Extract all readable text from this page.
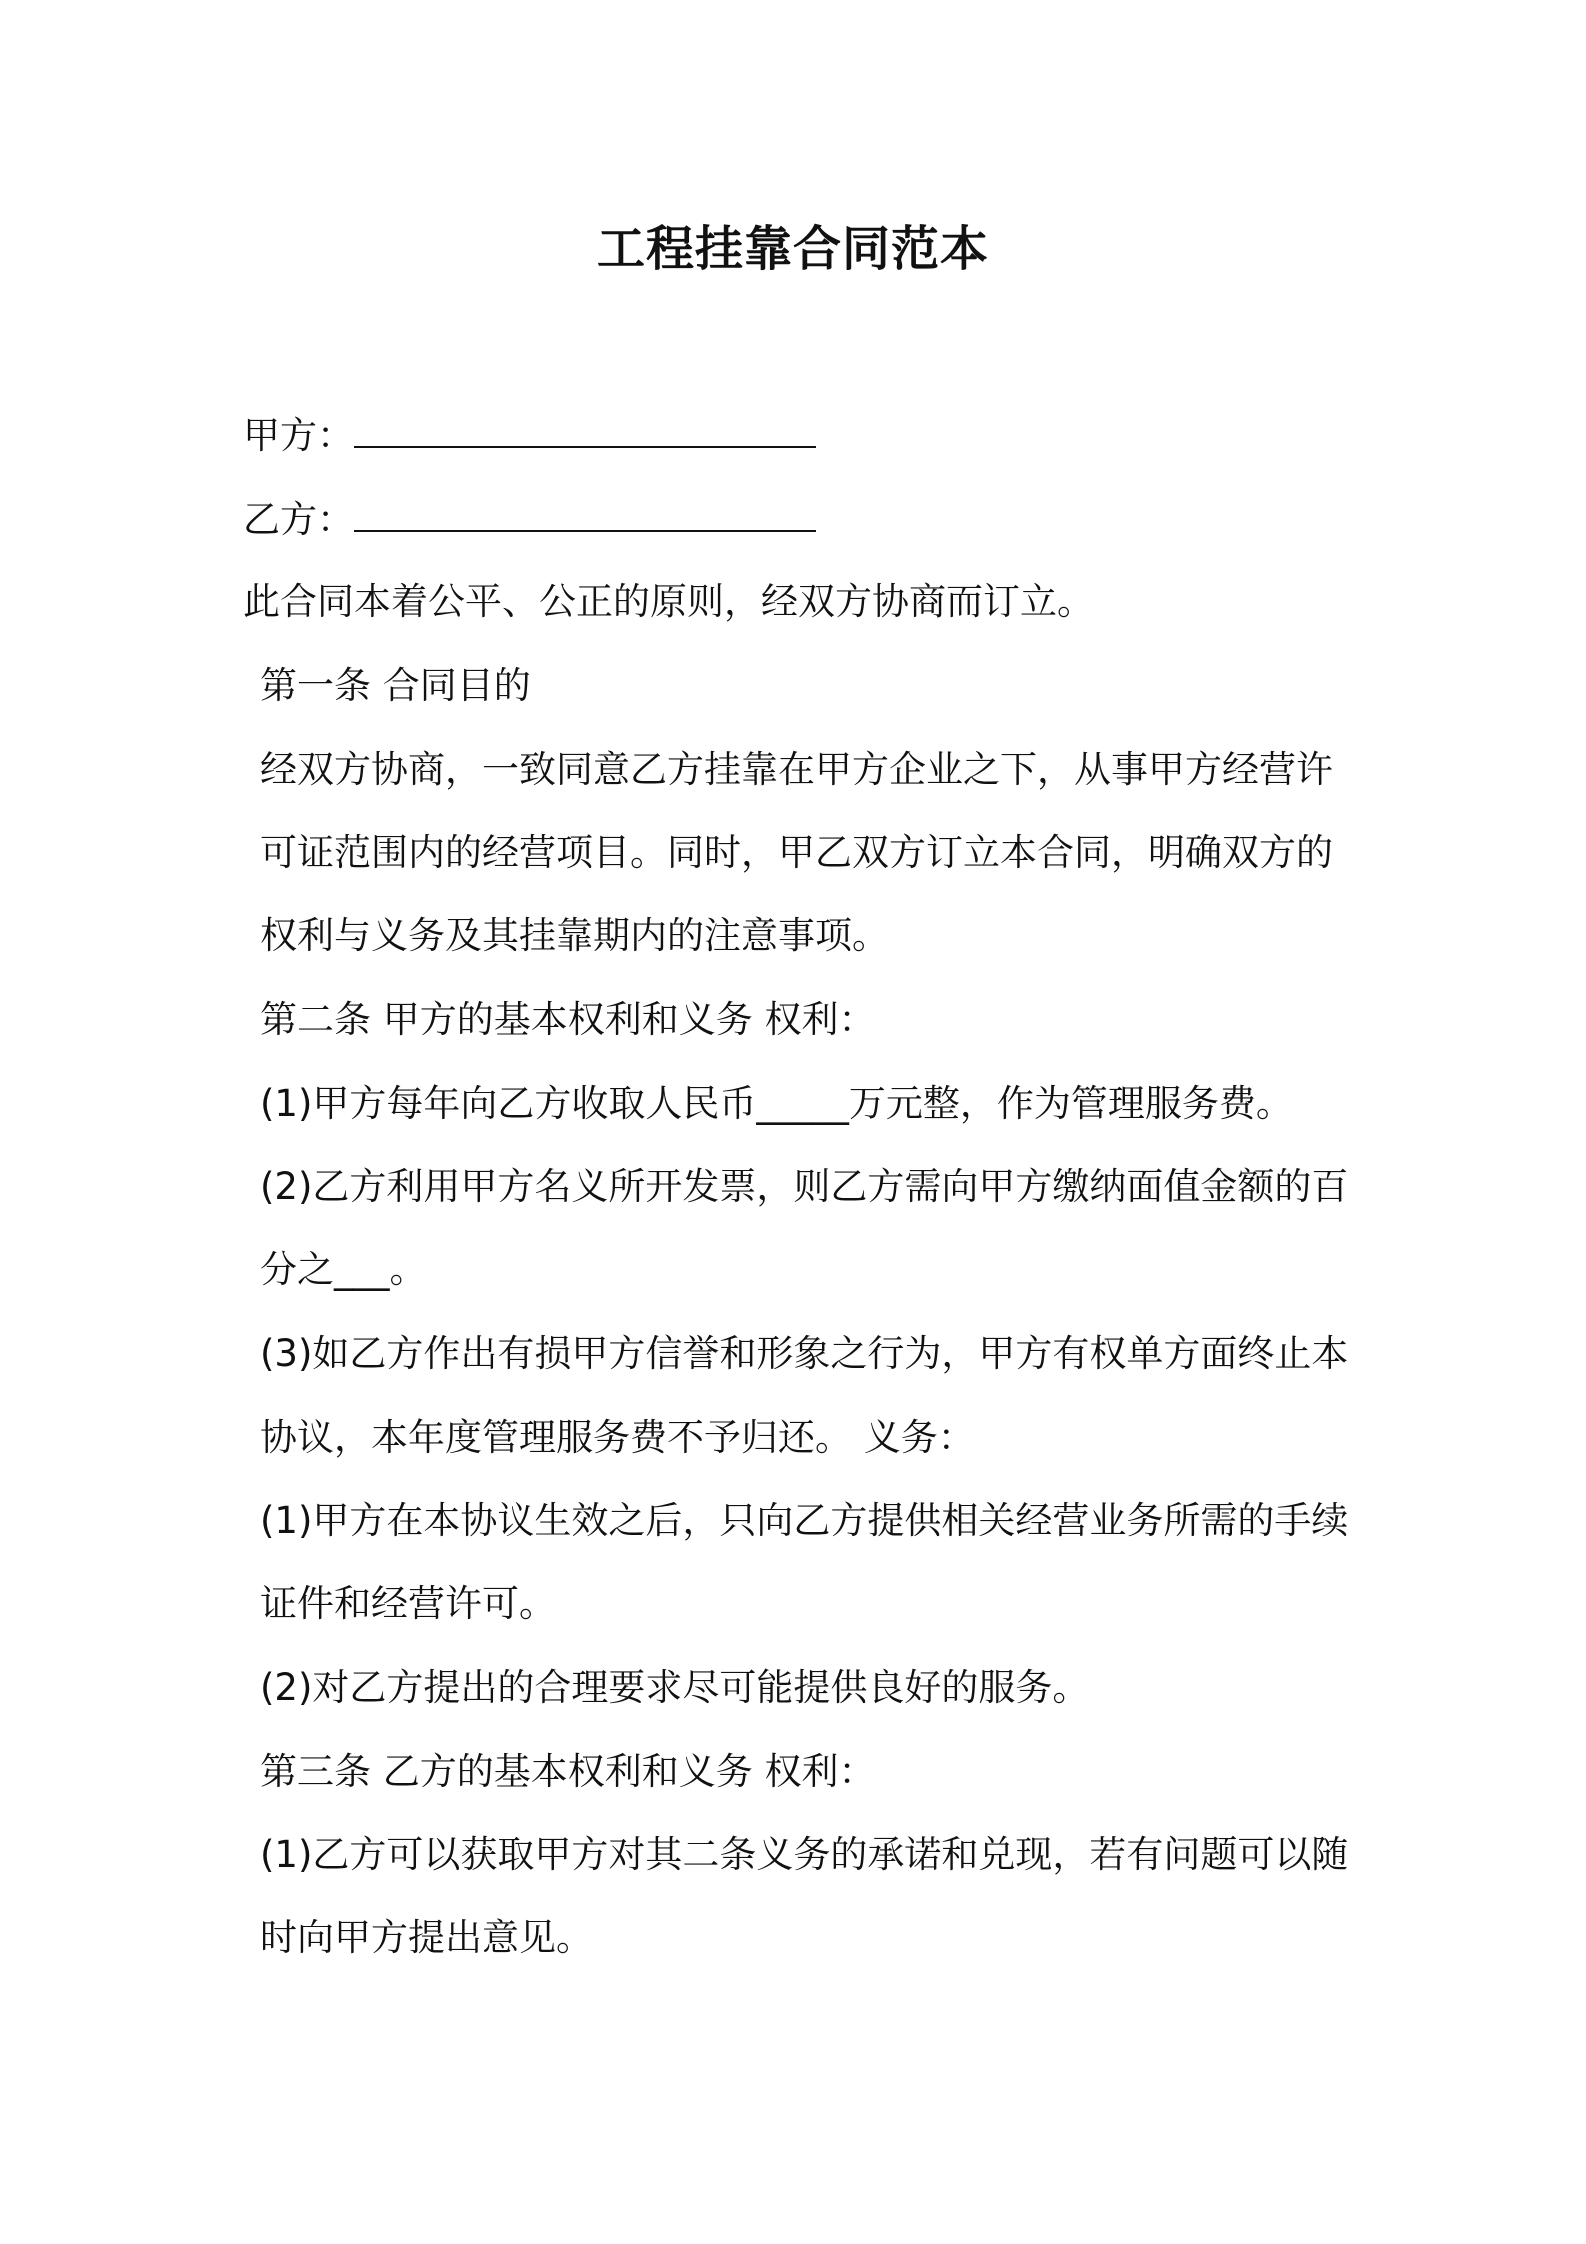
工程挂靠合同范本
甲方：
乙方：
此合同本着公平、公正的原则，经双方协商而订立。
第一条 合同目的
经双方协商，一致同意乙方挂靠在甲方企业之下，从事甲方经营许
可证范围内的经营项目。同时，甲乙双方订立本合同，明确双方的
权利与义务及其挂靠期内的注意事项。
第二条 甲方的基本权利和义务 权利：
(1)甲方每年向乙方收取人民币_____万元整，作为管理服务费。
(2)乙方利用甲方名义所开发票，则乙方需向甲方缴纳面值金额的百
分之___。
(3)如乙方作出有损甲方信誉和形象之行为，甲方有权单方面终止本
协议，本年度管理服务费不予归还。 义务：
(1)甲方在本协议生效之后，只向乙方提供相关经营业务所需的手续
证件和经营许可。
(2)对乙方提出的合理要求尽可能提供良好的服务。
第三条 乙方的基本权利和义务 权利：
(1)乙方可以获取甲方对其二条义务的承诺和兑现，若有问题可以随
时向甲方提出意见。
